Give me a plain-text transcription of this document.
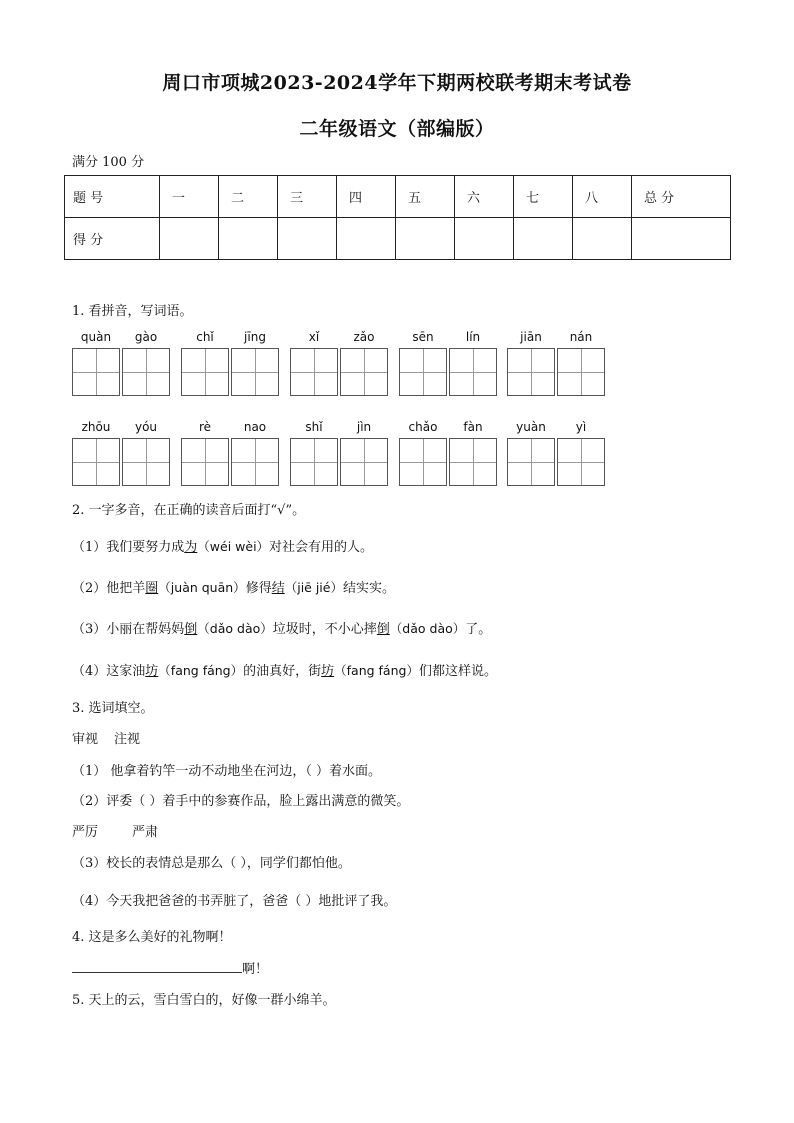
周口市项城2023-2024学年下期两校联考期末考试卷
二年级语文（部编版）
满分 100 分
题 号	一	二	三	四	五	六	七	八	总 分
得 分									
1. 看拼音，写词语。
quàn	gào	chǐ	jīng	xǐ	zǎo	sēn	lín	jiān	nán
zhōu	yóu	rè	nao	shǐ	jìn	chǎo	fàn	yuàn	yì
2. 一字多音，在正确的读音后面打“√”。
（1）我们要努力成为（wéi wèi）对社会有用的人。
（2）他把羊圈（juàn quān）修得结（jiē jié）结实实。
（3）小丽在帮妈妈倒（dǎo dào）垃圾时，不小心摔倒（dǎo dào）了。
（4）这家油坊（fang fáng）的油真好，街坊（fang fáng）们都这样说。
3. 选词填空。
审视 注视
（1） 他拿着钓竿一动不动地坐在河边，（ ）着水面。
（2）评委（ ）着手中的参赛作品，脸上露出满意的微笑。
严厉	严肃
（3）校长的表情总是那么（ ），同学们都怕他。
（4）今天我把爸爸的书弄脏了，爸爸（ ）地批评了我。
4. 这是多么美好的礼物啊！
啊！
5. 天上的云，雪白雪白的，好像一群小绵羊。
